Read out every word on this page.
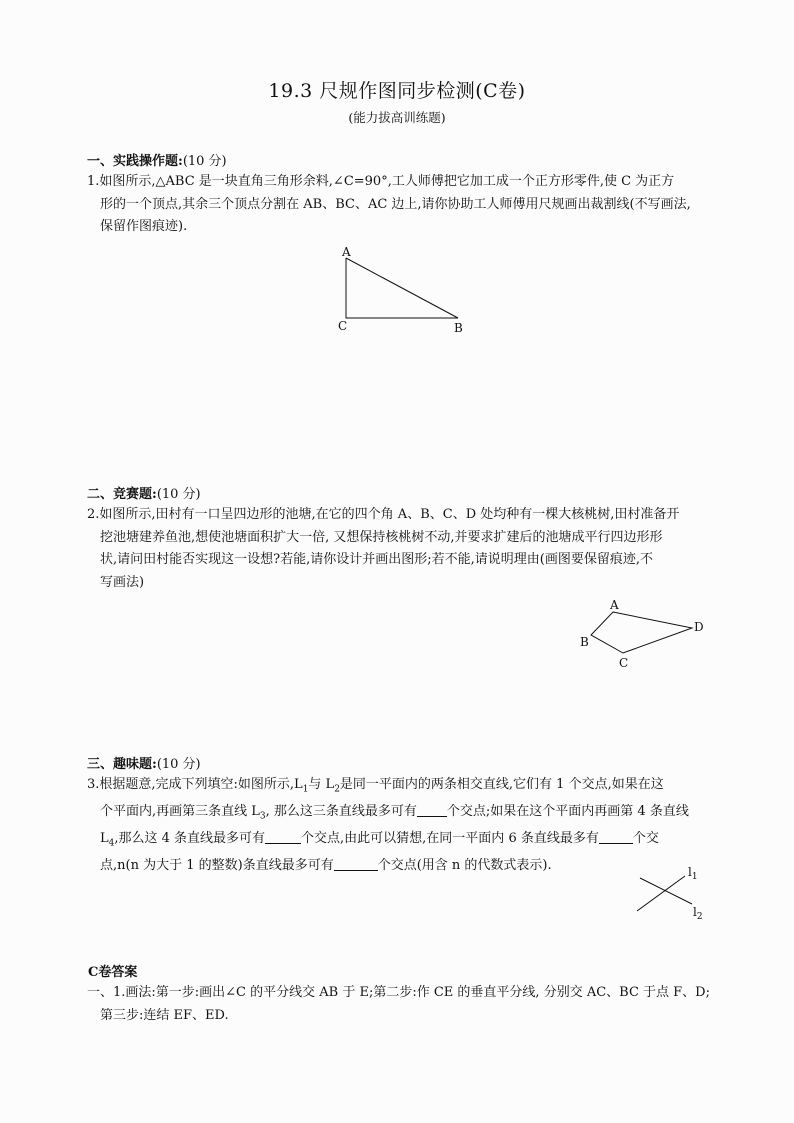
19.3 尺规作图同步检测(C卷)
(能力拔高训练题)
一、实践操作题:(10 分)
1.如图所示,△ABC 是一块直角三角形余料,∠C=90°,工人师傅把它加工成一个正方形零件,使 C 为正方
形的一个顶点,其余三个顶点分割在 AB、BC、AC 边上,请你协助工人师傅用尺规画出裁割线(不写画法,
保留作图痕迹).
A
C	B
二、竞赛题:(10 分)
2.如图所示,田村有一口呈四边形的池塘,在它的四个角 A、B、C、D 处均种有一棵大核桃树,田村准备开
挖池塘建养鱼池,想使池塘面积扩大一倍, 又想保持核桃树不动,并要求扩建后的池塘成平行四边形形
状,请问田村能否实现这一设想?若能,请你设计并画出图形;若不能,请说明理由(画图要保留痕迹,不
写画法)
A
D
B
C
三、趣味题:(10 分)
3.根据题意,完成下列填空:如图所示$,L_1$与 $L_2$是同一平面内的两条相交直线,它们有 1 个交点,如果在这
个平面内,再画第三条直线 $L_3$, 那么这三条直线最多可有 个交点;如果在这个平面内再画第 4 条直线
$L_4$,那么这 4 条直线最多可有	个交点,由此可以猜想,在同一平面内 6 条直线最多有	个交
点,n(n 为大于 1 的整数)条直线最多可有	个交点(用含 n 的代数式表示).	$l_1$
$l_2$
C卷答案
一、1.画法:第一步:画出∠C 的平分线交 AB 于 E;第二步:作 CE 的垂直平分线, 分别交 AC、BC 于点 F、D;
第三步:连结 EF、ED.
